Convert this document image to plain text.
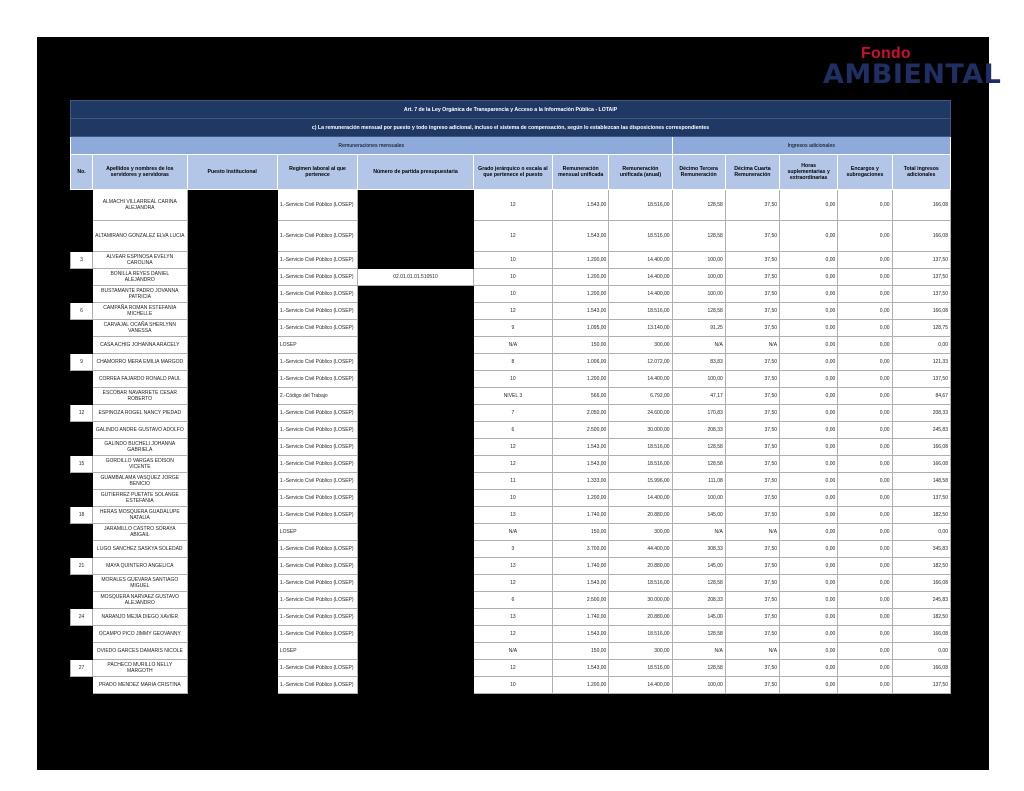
Fondo
AMBIENTAL
Art. 7 de la Ley Orgánica de Transparencia y Acceso a la Información Pública - LOTAIP												
c) La remuneración mensual por puesto y todo ingreso adicional, incluso el sistema de compensación, según lo establezcan las disposiciones correspondientes												
Remuneraciones mensuales								Ingresos adicionales				
No.	Apellidos y nombres de los servidores y servidoras	Puesto Institucional	Regimen laboral al que pertenece	Número de partida presupuestaria	Grado jerárquico o escala al que pertenece el puesto	Remuneración mensual unificada	Remuneración unificada (anual)	Décimo Tercera Remuneración	Décima Cuarta Remuneración	Horas suplementarias y extraordinarias	Encargos y subrogaciones	Total ingresos adicionales
	ALMACHI VILLARREAL CARINA ALEJANDRA		1.-Servicio Civil Público (LOSEP)		12	1.543,00	18.516,00	128,58	37,50	0,00	0,00	166,08
	ALTAMIRANO GONZALEZ ELVA LUCIA		1.-Servicio Civil Público (LOSEP)		12	1.543,00	18.516,00	128,58	37,50	0,00	0,00	166,08
3	ALVEAR ESPINOSA EVELYN CAROLINA		1.-Servicio Civil Público (LOSEP)		10	1.200,00	14.400,00	100,00	37,50	0,00	0,00	137,50
	BONILLA REYES DANIEL ALEJANDRO		1.-Servicio Civil Público (LOSEP)	02.01.01.01.510510	10	1.200,00	14.400,00	100,00	37,50	0,00	0,00	137,50
	BUSTAMANTE PADRO JOVANNA PATRICIA		1.-Servicio Civil Público (LOSEP)		10	1.200,00	14.400,00	100,00	37,50	0,00	0,00	137,50
6	CAMPAÑA ROMAN ESTEFANIA MICHELLE		1.-Servicio Civil Público (LOSEP)		12	1.543,00	18.516,00	128,58	37,50	0,00	0,00	166,08
	CARVAJAL OCAÑA SHERLYNN VANESSA		1.-Servicio Civil Público (LOSEP)		9	1.095,00	13.140,00	91,25	37,50	0,00	0,00	128,75
	CASA ACHIG JOHANNA ARACELY		LOSEP		N/A	150,00	300,00	N/A	N/A	0,00	0,00	0,00
9	CHAMORRO MERA EMILIA MARGOD		1.-Servicio Civil Público (LOSEP)		8	1.006,00	12.072,00	83,83	37,50	0,00	0,00	121,33
	CORREA FAJARDO RONALD PAUL		1.-Servicio Civil Público (LOSEP)		10	1.200,00	14.400,00	100,00	37,50	0,00	0,00	137,50
	ESCOBAR NAVARRETE CESAR ROBERTO		2.-Código del Trabajo		NIVEL 3	566,00	6.792,00	47,17	37,50	0,00	0,00	84,67
12	ESPINOZA ROGEL NANCY PIEDAD		1.-Servicio Civil Público (LOSEP)		7	2.050,00	24.600,00	170,83	37,50	0,00	0,00	208,33
	GALINDO ANDRE GUSTAVO ADOLFO		1.-Servicio Civil Público (LOSEP)		6	2.500,00	30.000,00	208,33	37,50	0,00	0,00	245,83
	GALINDO BUCHELI JOHANNA GABRIELA		1.-Servicio Civil Público (LOSEP)		12	1.543,00	18.516,00	128,58	37,50	0,00	0,00	166,08
15	GORDILLO VARGAS EDISON VICENTE		1.-Servicio Civil Público (LOSEP)		12	1.543,00	18.516,00	128,58	37,50	0,00	0,00	166,08
	GUAMBALAMA VASQUEZ JORGE BENICIO		1.-Servicio Civil Público (LOSEP)		11	1.333,00	15.996,00	111,08	37,50	0,00	0,00	148,58
	GUTIERREZ PUETATE SOLANGE ESTEFANIA		1.-Servicio Civil Público (LOSEP)		10	1.200,00	14.400,00	100,00	37,50	0,00	0,00	137,50
18	HERAS MOSQUERA GUADALUPE NATALIA		1.-Servicio Civil Público (LOSEP)		13	1.740,00	20.880,00	145,00	37,50	0,00	0,00	182,50
	JARAMILLO CASTRO SORAYA ABIGAIL		LOSEP		N/A	150,00	300,00	N/A	N/A	0,00	0,00	0,00
	LUGO SANCHEZ SASKYA SOLEDAD		1.-Servicio Civil Público (LOSEP)		3	3.700,00	44.400,00	308,33	37,50	0,00	0,00	345,83
21	MAYA QUINTERO ANGELICA		1.-Servicio Civil Público (LOSEP)		13	1.740,00	20.880,00	145,00	37,50	0,00	0,00	182,50
	MORALES GUEVARA SANTIAGO MIGUEL		1.-Servicio Civil Público (LOSEP)		12	1.543,00	18.516,00	128,58	37,50	0,00	0,00	166,08
	MOSQUERA NARVAEZ GUSTAVO ALEJANDRO		1.-Servicio Civil Público (LOSEP)		6	2.500,00	30.000,00	208,33	37,50	0,00	0,00	245,83
24	NARANJO MEJIA DIEGO XAVIER		1.-Servicio Civil Público (LOSEP)		13	1.740,00	20.880,00	145,00	37,50	0,00	0,00	182,50
	OCAMPO PICO JIMMY GEOVANNY		1.-Servicio Civil Público (LOSEP)		12	1.543,00	18.516,00	128,58	37,50	0,00	0,00	166,08
	OVIEDO GARCES DAMARIS NICOLE		LOSEP		N/A	150,00	300,00	N/A	N/A	0,00	0,00	0,00
27	PACHECO MURILLO NELLY MARGOTH		1.-Servicio Civil Público (LOSEP)		12	1.543,00	18.516,00	128,58	37,50	0,00	0,00	166,08
	PRADO MENDEZ MARIA CRISTINA		1.-Servicio Civil Público (LOSEP)		10	1.200,00	14.400,00	100,00	37,50	0,00	0,00	137,50
